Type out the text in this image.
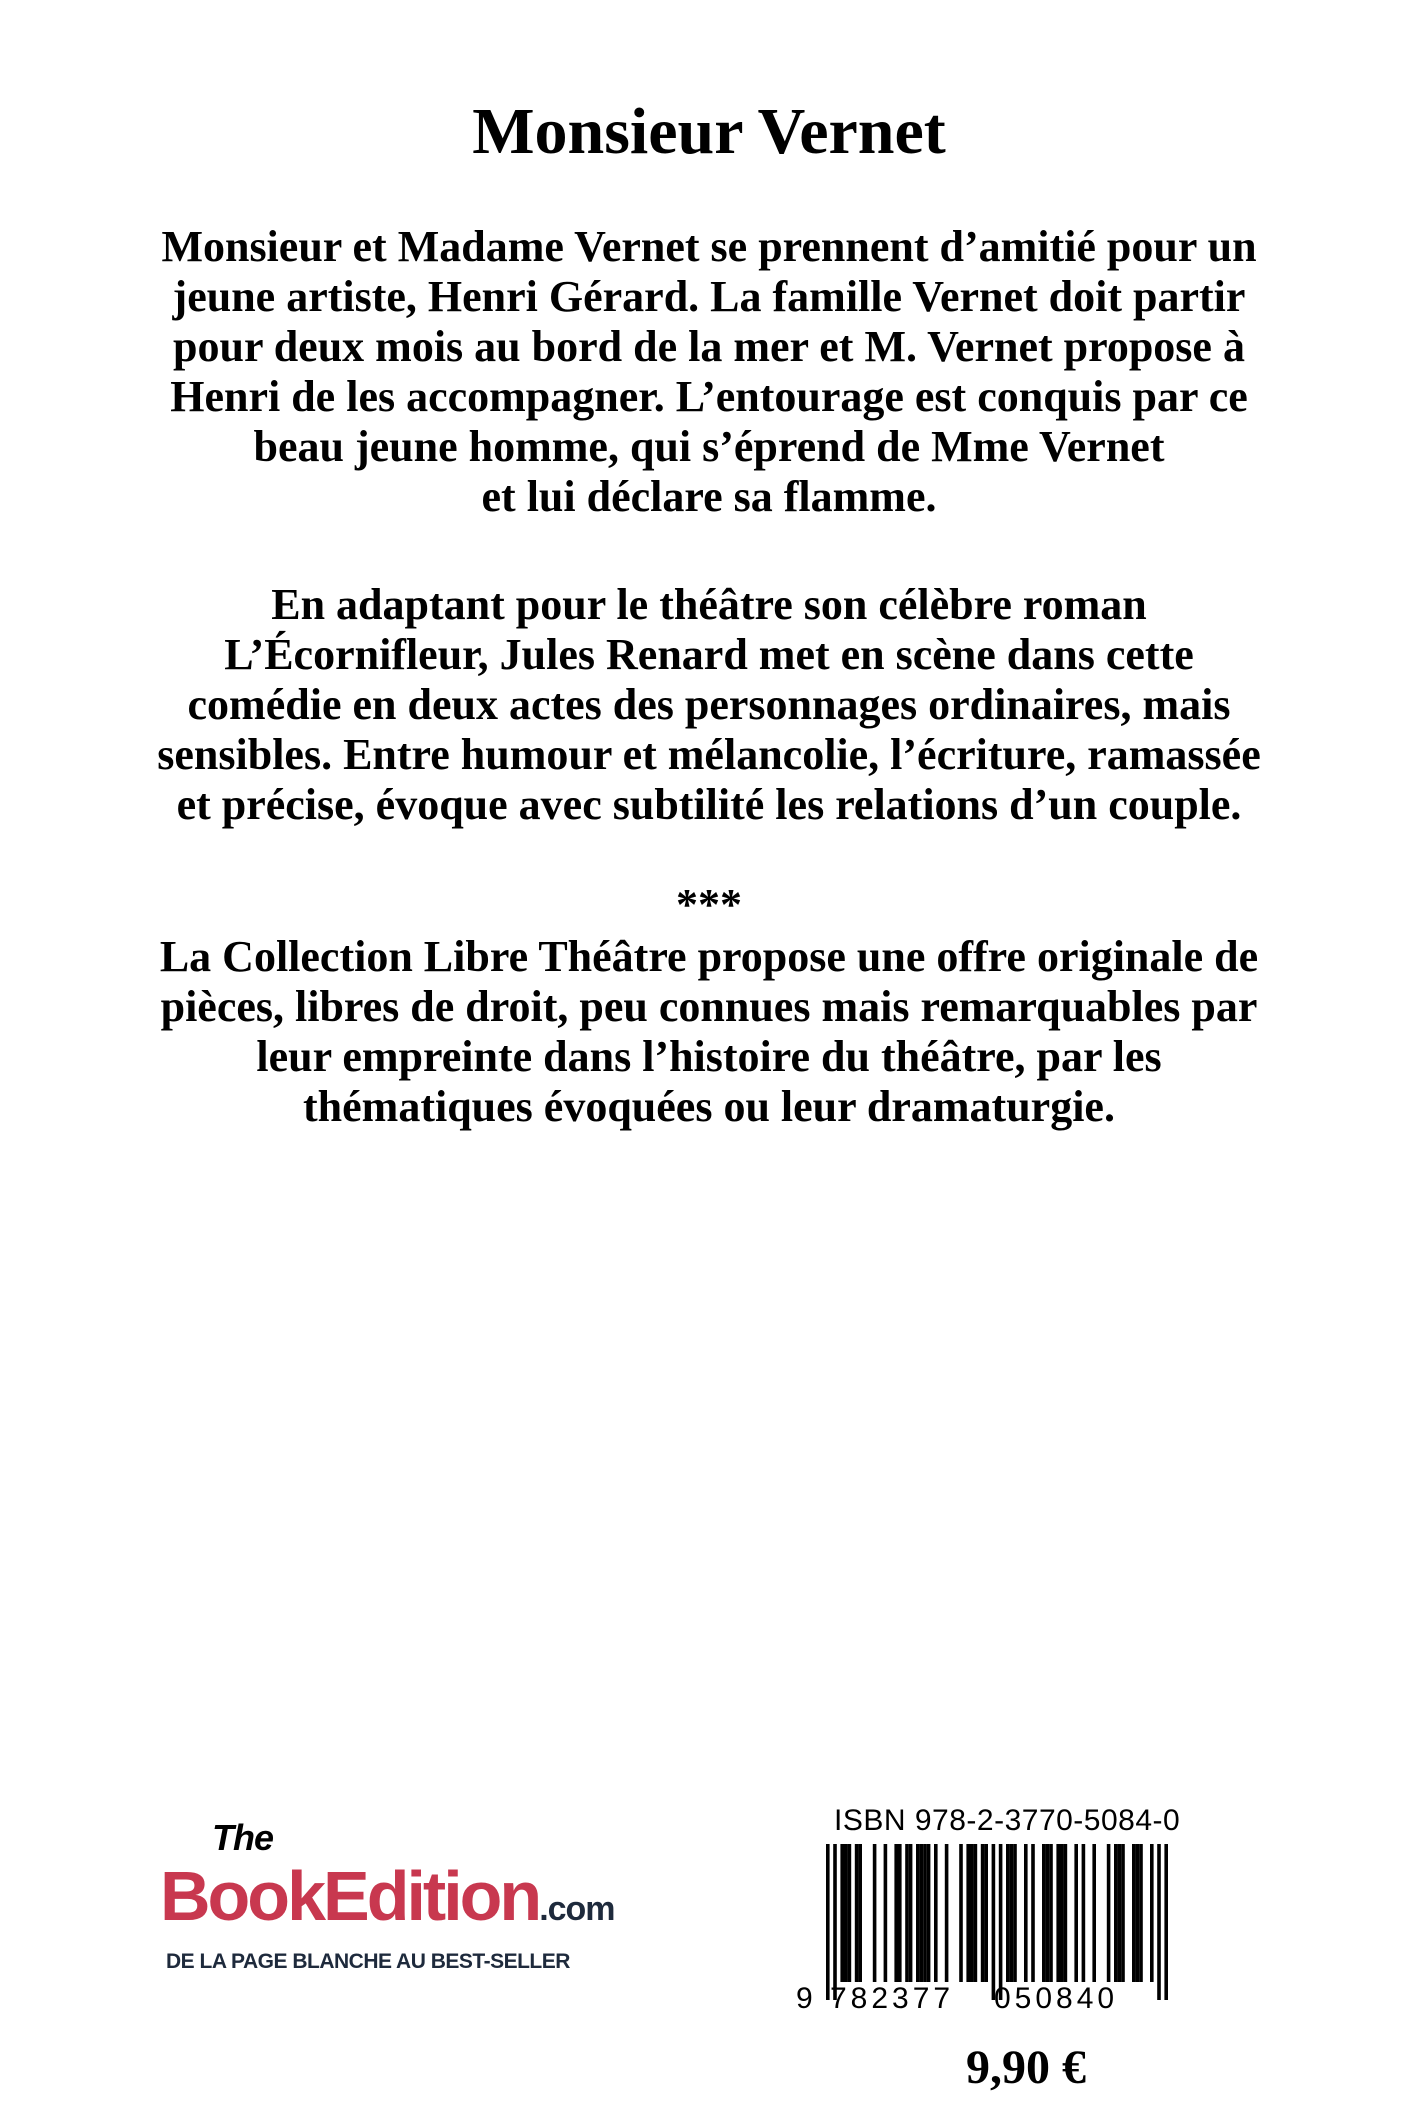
Monsieur Vernet
Monsieur et Madame Vernet se prennent d’amitié pour un
jeune artiste, Henri Gérard. La famille Vernet doit partir
pour deux mois au bord de la mer et M. Vernet propose à
Henri de les accompagner. L’entourage est conquis par ce
beau jeune homme, qui s’éprend de Mme Vernet
et lui déclare sa flamme.
En adaptant pour le théâtre son célèbre roman
L’Écornifleur, Jules Renard met en scène dans cette
comédie en deux actes des personnages ordinaires, mais
sensibles. Entre humour et mélancolie, l’écriture, ramassée
et précise, évoque avec subtilité les relations d’un couple.
***
La Collection Libre Théâtre propose une offre originale de
pièces, libres de droit, peu connues mais remarquables par
leur empreinte dans l’histoire du théâtre, par les
thématiques évoquées ou leur dramaturgie.
The
BookEdition.com
DE LA PAGE BLANCHE AU BEST-SELLER
ISBN 978-2-3770-5084-0
9 782377 050840
9,90 €
